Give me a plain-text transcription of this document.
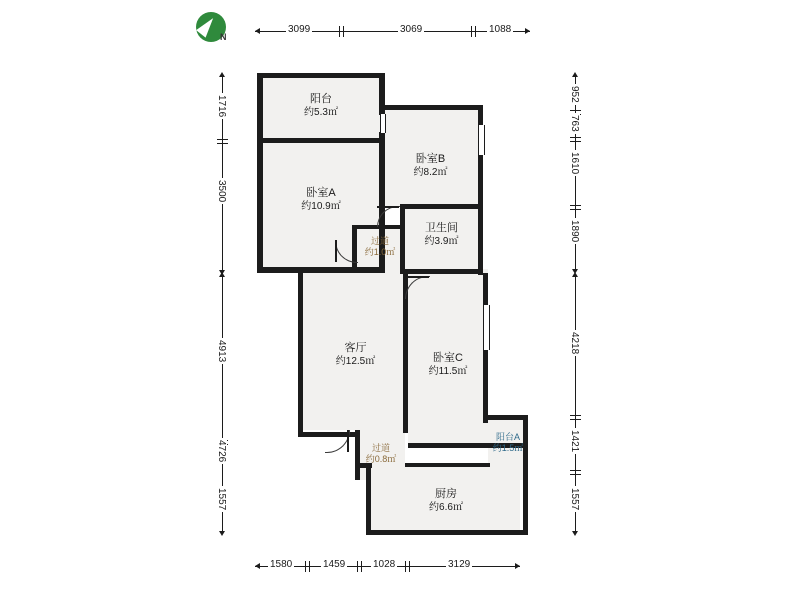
N
3099	3069	1088
1716
3500
4913
4726
1557
952
763
1610
1890
4218
1421
1557
1580	1459	1028	3129
阳台
约5.3㎡
卧室A
约10.9㎡
卧室B
约8.2㎡
卫生间
约3.9㎡
过道
约1.0㎡
客厅
约12.5㎡	卧室C
约11.5㎡
阳台A
约1.5㎡
过道
约0.8㎡
厨房
约6.6㎡
